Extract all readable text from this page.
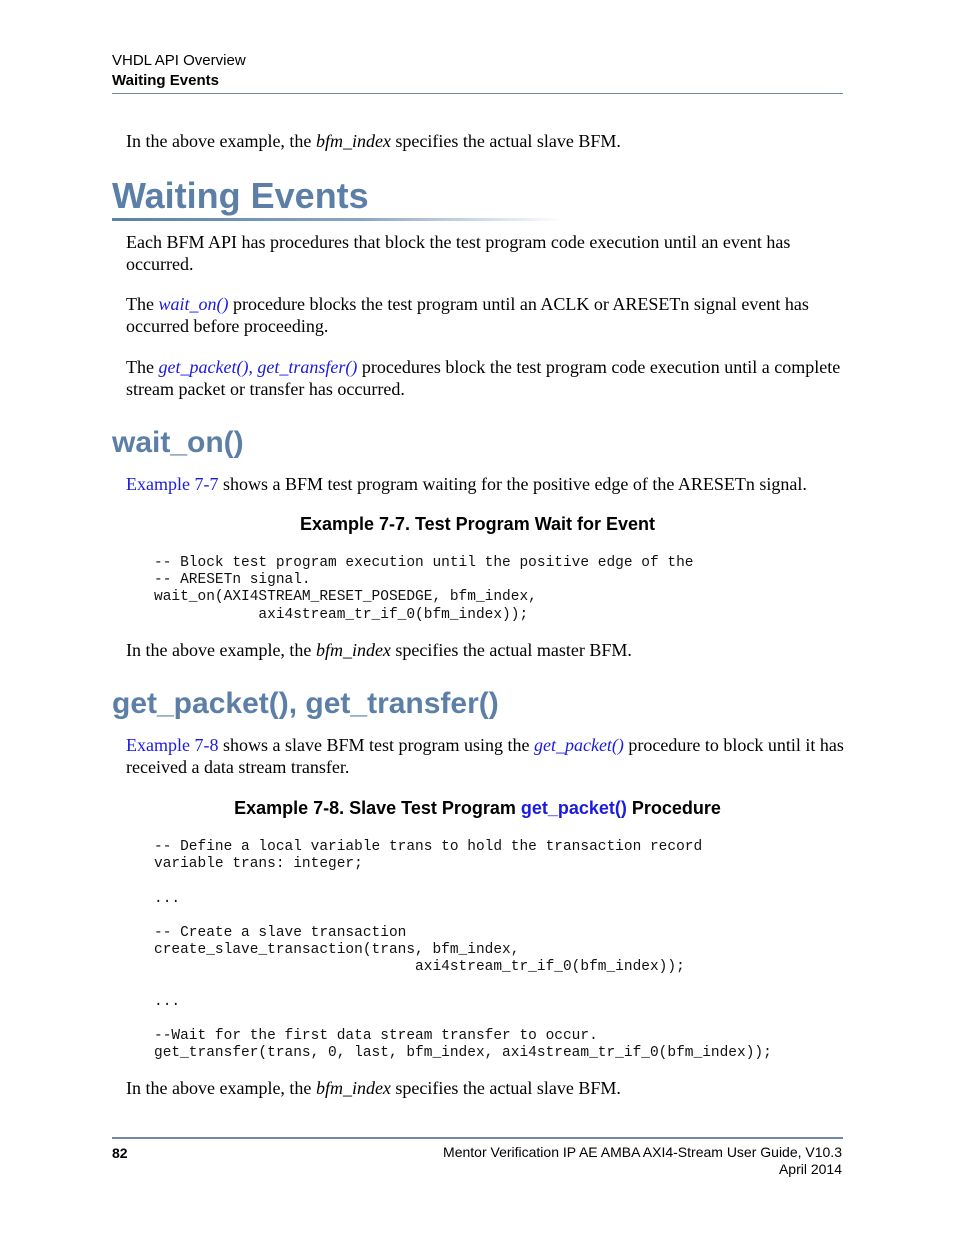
VHDL API Overview
Waiting Events
In the above example, the bfm_index specifies the actual slave BFM.
Waiting Events
Each BFM API has procedures that block the test program code execution until an event has occurred.
The wait_on() procedure blocks the test program until an ACLK or ARESETn signal event has occurred before proceeding.
The get_packet(), get_transfer() procedures block the test program code execution until a complete stream packet or transfer has occurred.
wait_on()
Example 7-7 shows a BFM test program waiting for the positive edge of the ARESETn signal.
Example 7-7. Test Program Wait for Event
-- Block test program execution until the positive edge of the
-- ARESETn signal.
wait_on(AXI4STREAM_RESET_POSEDGE, bfm_index,
axi4stream_tr_if_0(bfm_index));
In the above example, the bfm_index specifies the actual master BFM.
get_packet(), get_transfer()
Example 7-8 shows a slave BFM test program using the get_packet() procedure to block until it has received a data stream transfer.
Example 7-8. Slave Test Program get_packet() Procedure
-- Define a local variable trans to hold the transaction record
variable trans: integer;
...
-- Create a slave transaction
create_slave_transaction(trans, bfm_index,
axi4stream_tr_if_0(bfm_index));
...
--Wait for the first data stream transfer to occur.
get_transfer(trans, 0, last, bfm_index, axi4stream_tr_if_0(bfm_index));
In the above example, the bfm_index specifies the actual slave BFM.
82	Mentor Verification IP AE AMBA AXI4-Stream User Guide, V10.3
April 2014
